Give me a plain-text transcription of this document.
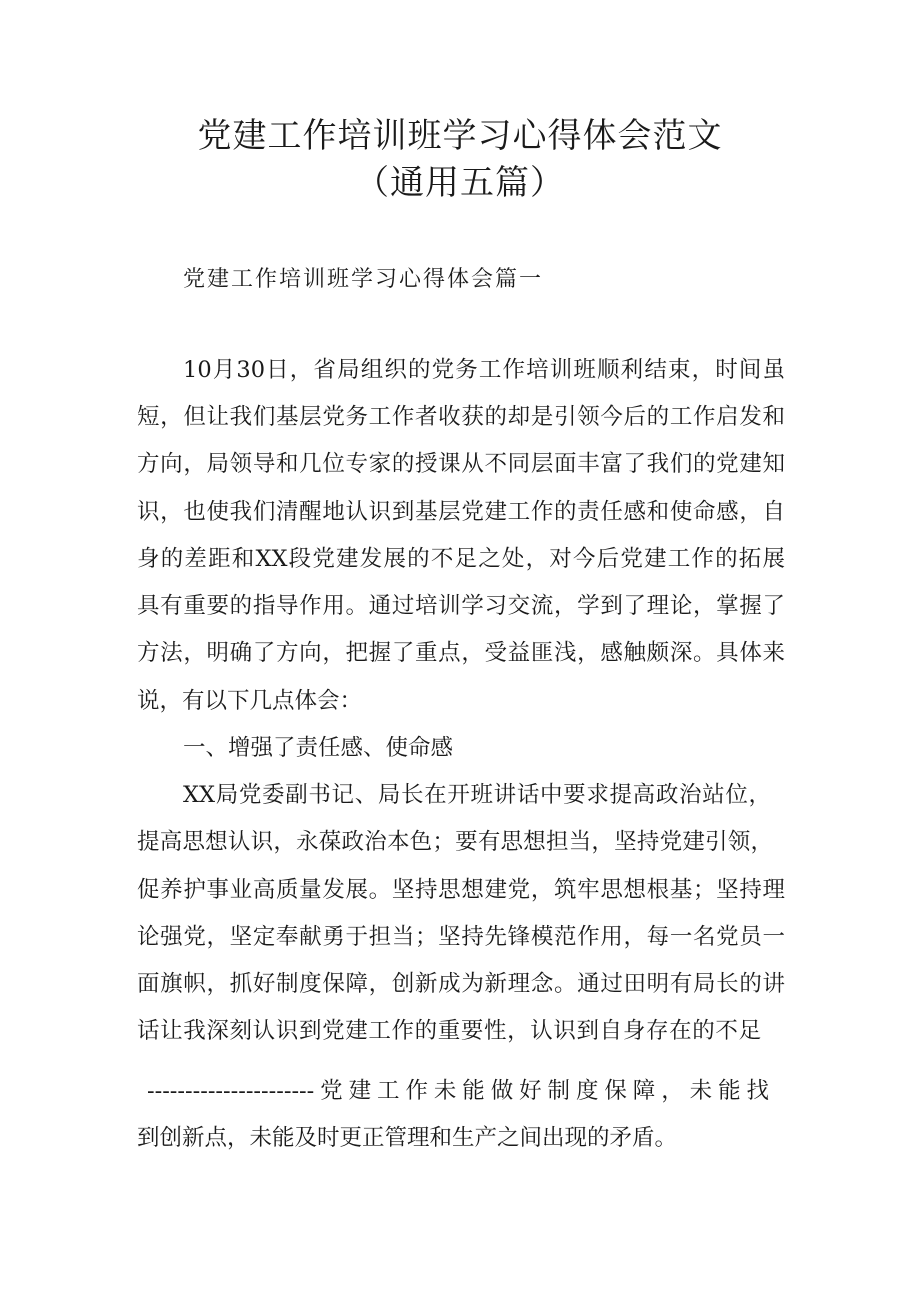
党建工作培训班学习心得体会范文
（通用五篇）
党建工作培训班学习心得体会篇一
10月30日，省局组织的党务工作培训班顺利结束，时间虽
短，但让我们基层党务工作者收获的却是引领今后的工作启发和
方向，局领导和几位专家的授课从不同层面丰富了我们的党建知
识，也使我们清醒地认识到基层党建工作的责任感和使命感，自
身的差距和XX段党建发展的不足之处，对今后党建工作的拓展
具有重要的指导作用。通过培训学习交流，学到了理论，掌握了
方法，明确了方向，把握了重点，受益匪浅，感触颇深。具体来
说，有以下几点体会：
一、增强了责任感、使命感
XX局党委副书记、局长在开班讲话中要求提高政治站位，
提高思想认识，永葆政治本色；要有思想担当，坚持党建引领，
促养护事业高质量发展。坚持思想建党，筑牢思想根基；坚持理
论强党，坚定奉献勇于担当；坚持先锋模范作用，每一名党员一
面旗帜，抓好制度保障，创新成为新理念。通过田明有局长的讲
话让我深刻认识到党建工作的重要性，认识到自身存在的不足
----------------------党建工作未能做好制度保障，未能找
到创新点，未能及时更正管理和生产之间出现的矛盾。
